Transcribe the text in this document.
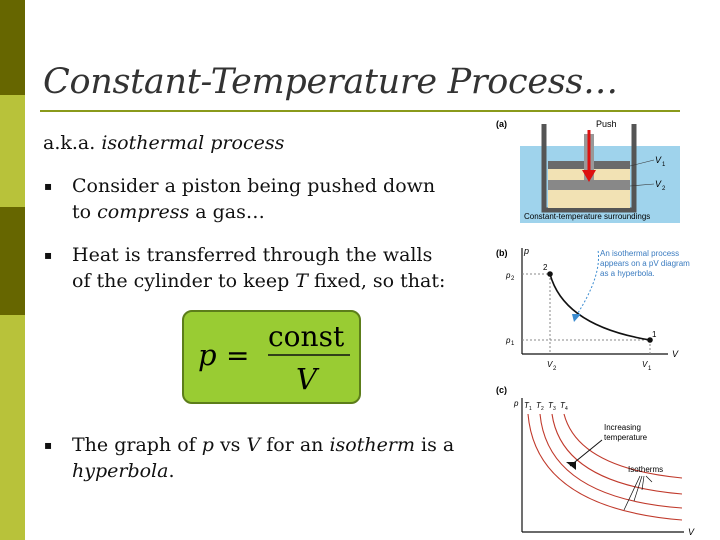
Constant-Temperature Process…
a.k.a. isothermal process
▪ Consider a piston being pushed down
to compress a gas…
▪ Heat is transferred through the walls
of the cylinder to keep T fixed, so that:
p =
const
V
▪ The graph of p vs V for an isotherm is a
hyperbola.
(a)	Push
V 1
V 2
Constant-temperature surroundings
(b) p
V
p 2
p 1
V 2	V 1
2
1
An isothermal process
appears on a pV diagram
as a hyperbola.
(c)
p
V
T 1 T 2 T 3 T 4
Increasing
temperature
Isotherms
